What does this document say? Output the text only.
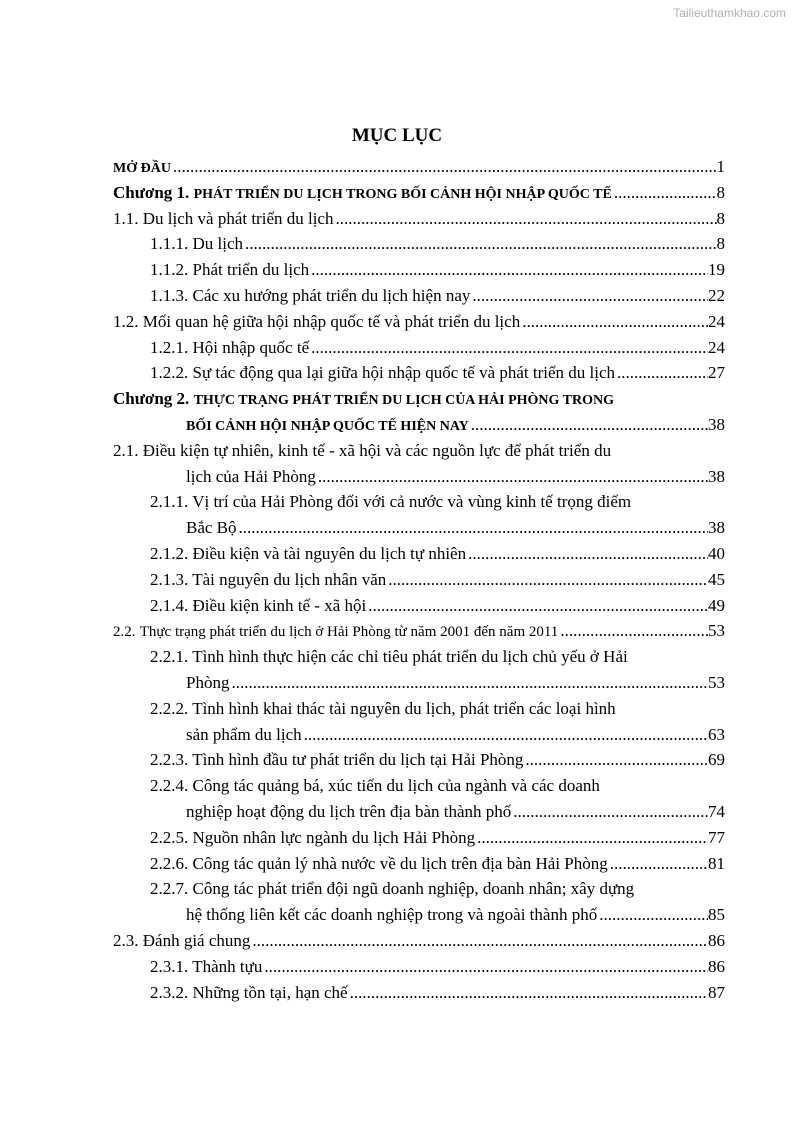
Tailieuthamkhao.com
MỤC LỤC
MỞ ĐẦU .....	1
Chương 1. PHÁT TRIỂN DU LỊCH TRONG BỐI CẢNH HỘI NHẬP QUỐC TẾ .....	8
1.1. Du lịch và phát triển du lịch .....	8
1.1.1. Du lịch .....	8
1.1.2. Phát triển du lịch .....	19
1.1.3. Các xu hướng phát triển du lịch hiện nay .....	22
1.2. Mối quan hệ giữa hội nhập quốc tế và phát triển du lịch .....	24
1.2.1. Hội nhập quốc tế .....	24
1.2.2. Sự tác động qua lại giữa hội nhập quốc tế và phát triển du lịch .....	27
Chương 2. THỰC TRẠNG PHÁT TRIỂN DU LỊCH CỦA HẢI PHÒNG TRONG
BỐI CẢNH HỘI NHẬP QUỐC TẾ HIỆN NAY .....	38
2.1. Điều kiện tự nhiên, kinh tế - xã hội và các nguồn lực để phát triển du
lịch của Hải Phòng .....	38
2.1.1. Vị trí của Hải Phòng đối với cả nước và vùng kinh tế trọng điểm
Bắc Bộ .....	38
2.1.2. Điều kiện và tài nguyên du lịch tự nhiên .....	40
2.1.3. Tài nguyên du lịch nhân văn .....	45
2.1.4. Điều kiện kinh tế - xã hội .....	49
2.2. Thực trạng phát triển du lịch ở Hải Phòng từ năm 2001 đến năm 2011 .....	53
2.2.1. Tình hình thực hiện các chỉ tiêu phát triển du lịch chủ yếu ở Hải
Phòng .....	53
2.2.2. Tình hình khai thác tài nguyên du lịch, phát triển các loại hình
sản phẩm du lịch .....	63
2.2.3. Tình hình đầu tư phát triển du lịch tại Hải Phòng .....	69
2.2.4. Công tác quảng bá, xúc tiến du lịch của ngành và các doanh
nghiệp hoạt động du lịch trên địa bàn thành phố .....	74
2.2.5. Nguồn nhân lực ngành du lịch Hải Phòng .....	77
2.2.6. Công tác quản lý nhà nước về du lịch trên địa bàn Hải Phòng .....	81
2.2.7. Công tác phát triển đội ngũ doanh nghiệp, doanh nhân; xây dựng
hệ thống liên kết các doanh nghiệp trong và ngoài thành phố .....	85
2.3. Đánh giá chung .....	86
2.3.1. Thành tựu .....	86
2.3.2. Những tồn tại, hạn chế .....	87
